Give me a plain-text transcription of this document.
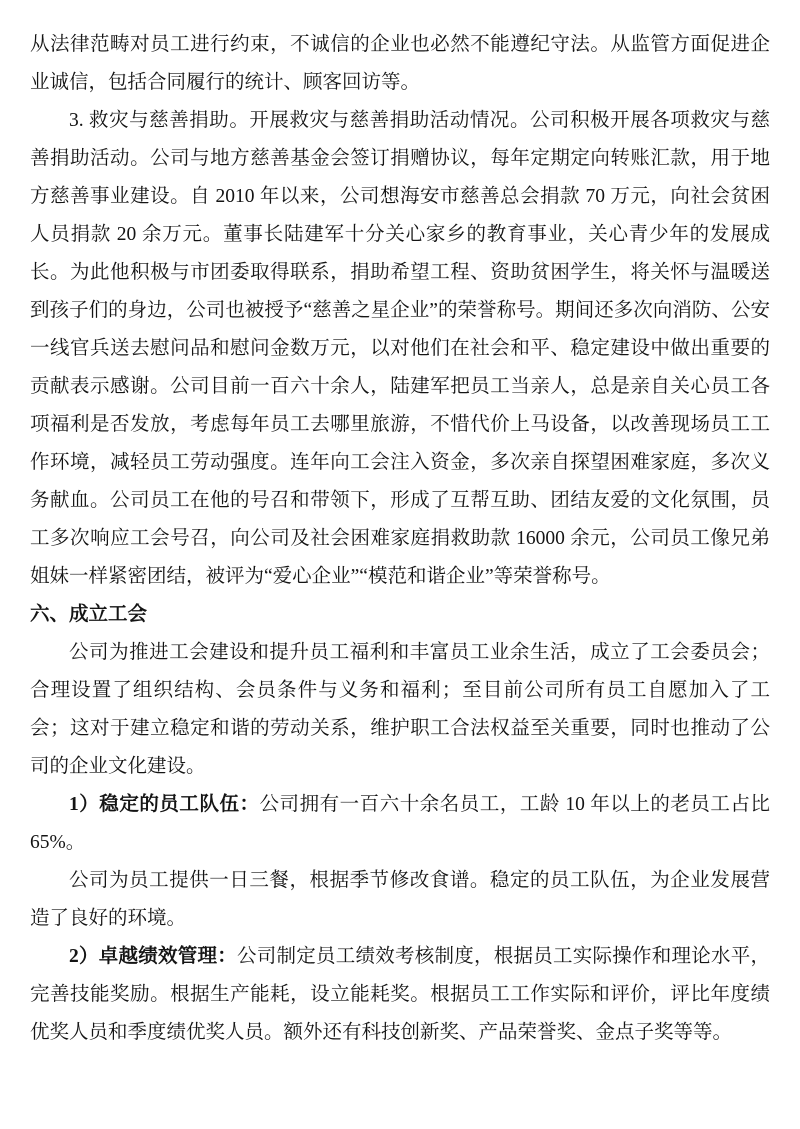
从法律范畴对员工进行约束，不诚信的企业也必然不能遵纪守法。从监管方面促进企业诚信，包括合同履行的统计、顾客回访等。

3. 救灾与慈善捐助。开展救灾与慈善捐助活动情况。公司积极开展各项救灾与慈善捐助活动。公司与地方慈善基金会签订捐赠协议，每年定期定向转账汇款，用于地方慈善事业建设。自 2010 年以来，公司想海安市慈善总会捐款 70 万元，向社会贫困人员捐款 20 余万元。董事长陆建军十分关心家乡的教育事业，关心青少年的发展成长。为此他积极与市团委取得联系，捐助希望工程、资助贫困学生，将关怀与温暖送到孩子们的身边，公司也被授予“慈善之星企业”的荣誉称号。期间还多次向消防、公安一线官兵送去慰问品和慰问金数万元，以对他们在社会和平、稳定建设中做出重要的贡献表示感谢。公司目前一百六十余人，陆建军把员工当亲人，总是亲自关心员工各项福利是否发放，考虑每年员工去哪里旅游，不惜代价上马设备，以改善现场员工工作环境，减轻员工劳动强度。连年向工会注入资金，多次亲自探望困难家庭，多次义务献血。公司员工在他的号召和带领下，形成了互帮互助、团结友爱的文化氛围，员工多次响应工会号召，向公司及社会困难家庭捐救助款 16000 余元，公司员工像兄弟姐妹一样紧密团结，被评为“爱心企业”“模范和谐企业”等荣誉称号。

六、成立工会

公司为推进工会建设和提升员工福利和丰富员工业余生活，成立了工会委员会；合理设置了组织结构、会员条件与义务和福利；至目前公司所有员工自愿加入了工会；这对于建立稳定和谐的劳动关系，维护职工合法权益至关重要，同时也推动了公司的企业文化建设。

1）稳定的员工队伍：公司拥有一百六十余名员工，工龄 10 年以上的老员工占比 65%。

公司为员工提供一日三餐，根据季节修改食谱。稳定的员工队伍，为企业发展营造了良好的环境。

2）卓越绩效管理：公司制定员工绩效考核制度，根据员工实际操作和理论水平，完善技能奖励。根据生产能耗，设立能耗奖。根据员工工作实际和评价，评比年度绩优奖人员和季度绩优奖人员。额外还有科技创新奖、产品荣誉奖、金点子奖等等。
